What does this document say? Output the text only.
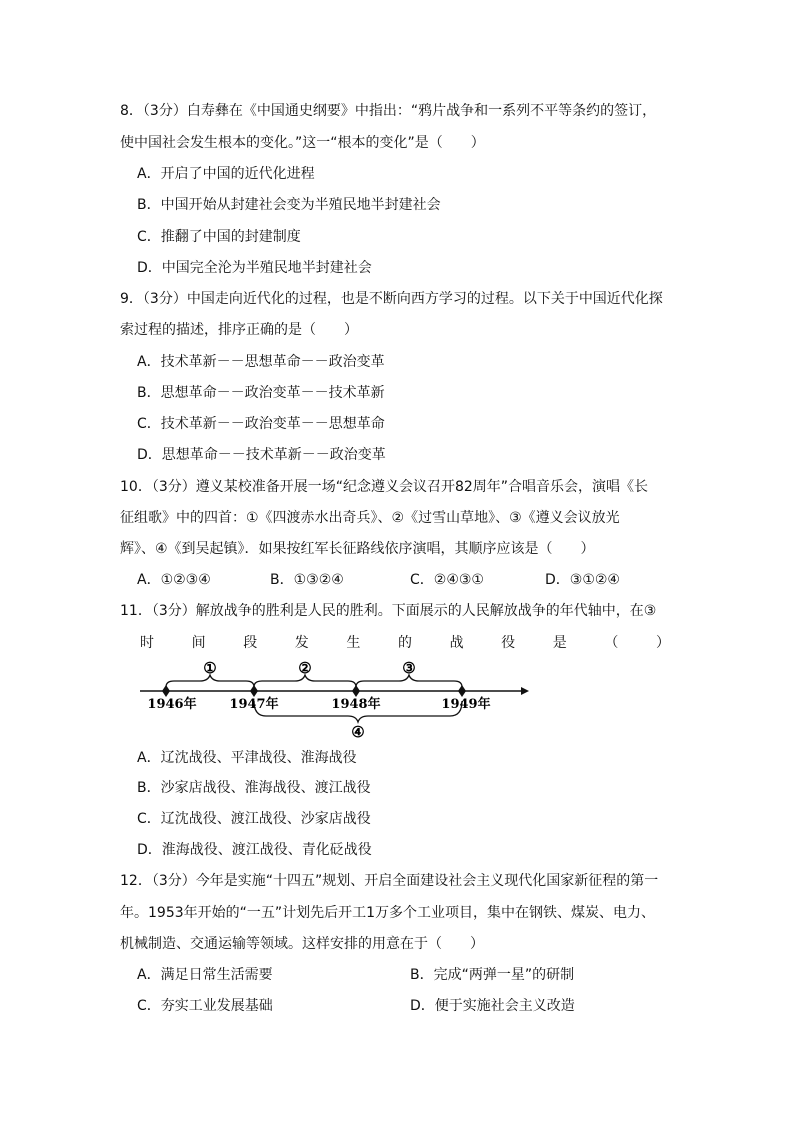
8．（3分）白寿彝在《中国通史纲要》中指出：“鸦片战争和一系列不平等条约的签订，
使中国社会发生根本的变化。”这一“根本的变化”是（　　）
A．开启了中国的近代化进程
B．中国开始从封建社会变为半殖民地半封建社会
C．推翻了中国的封建制度
D．中国完全沦为半殖民地半封建社会
9．（3分）中国走向近代化的过程，也是不断向西方学习的过程。以下关于中国近代化探
索过程的描述，排序正确的是（　　）
A．技术革新－－思想革命－－政治变革
B．思想革命－－政治变革－－技术革新
C．技术革新－－政治变革－－思想革命
D．思想革命－－技术革新－－政治变革
10．（3分）遵义某校准备开展一场“纪念遵义会议召开82周年”合唱音乐会，演唱《长
征组歌》中的四首：①《四渡赤水出奇兵》、②《过雪山草地》、③《遵义会议放光
辉》、④《到吴起镇》．如果按红军长征路线依序演唱，其顺序应该是（　　）
A．①②③④	B．①③②④	C．②④③①	D．③①②④
11．（3分）解放战争的胜利是人民的胜利。下面展示的人民解放战争的年代轴中，在③
时	间	段	发	生	的	战	役	是	（	）
①	②	③
④
1946年	1947年	1948年	1949年
A．辽沈战役、平津战役、淮海战役
B．沙家店战役、淮海战役、渡江战役
C．辽沈战役、渡江战役、沙家店战役
D．淮海战役、渡江战役、青化砭战役
12．（3分）今年是实施“十四五”规划、开启全面建设社会主义现代化国家新征程的第一
年。1953年开始的“一五”计划先后开工1万多个工业项目，集中在钢铁、煤炭、电力、
机械制造、交通运输等领域。这样安排的用意在于（　　）
A．满足日常生活需要	B．完成“两弹一星”的研制
C．夯实工业发展基础	D．便于实施社会主义改造
